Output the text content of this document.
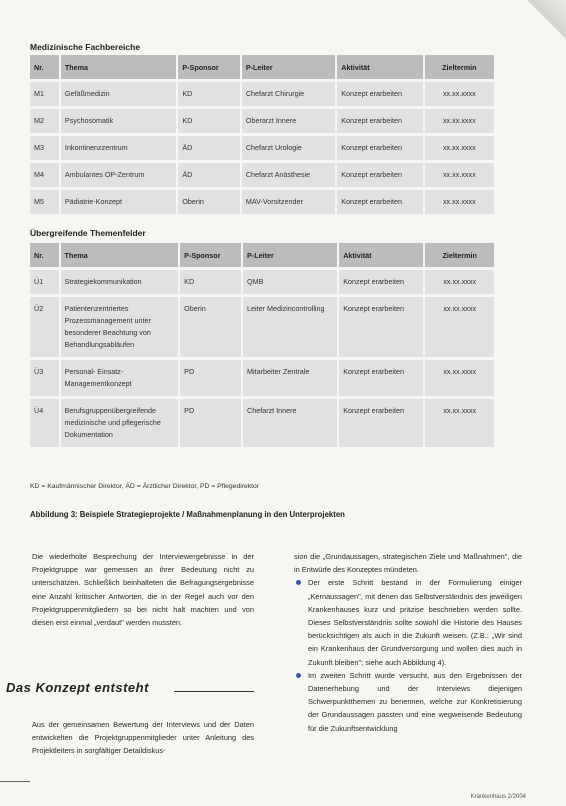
Medizinische Fachbereiche
Nr.	Thema	P-Sponsor	P-Leiter	Aktivität	Zieltermin
M1	Gefäßmedizin	KD	Chefarzt Chirurgie	Konzept erarbeiten	xx.xx.xxxx
M2	Psychosomatik	KD	Oberarzt Innere	Konzept erarbeiten	xx.xx.xxxx
M3	Inkontinenzzentrum	ÄD	Chefarzt Urologie	Konzept erarbeiten	xx.xx.xxxx
M4	Ambulantes OP-Zentrum	ÄD	Chefarzt Anästhesie	Konzept erarbeiten	xx.xx.xxxx
M5	Pädiatrie-Konzept	Oberin	MAV-Vorsitzender	Konzept erarbeiten	xx.xx.xxxx
Übergreifende Themenfelder
Nr.	Thema	P-Sponsor	P-Leiter	Aktivität	Zieltermin
Ü1	Strategiekommunikation	KD	QMB	Konzept erarbeiten	xx.xx.xxxx
Ü2	Patientenzentriertes Prozessmanagement unter besonderer Beachtung von Behandlungsabläufen	Oberin	Leiter Medizincontrolling	Konzept erarbeiten	xx.xx.xxxx
Ü3	Personal- Einsatz-Managementkonzept	PD	Mitarbeiter Zentrale	Konzept erarbeiten	xx.xx.xxxx
Ü4	Berufsgruppenübergreifende medizinische und pflegerische Dokumentation	PD	Chefarzt Innere	Konzept erarbeiten	xx.xx.xxxx
KD = Kaufmännischer Direktor, ÄD = Ärztlicher Direktor, PD = Pflegedirektor
Abbildung 3: Beispiele Strategieprojekte / Maßnahmenplanung in den Unterprojekten
Die wiederholte Besprechung der Interviewergebnisse in der Projektgruppe war gemessen an ihrer Bedeutung nicht zu unterschätzen. Schließlich beinhalteten die Befragungsergebnisse eine Anzahl kritischer Antworten, die in der Regel auch vor den Projektgruppenmitgliedern so bei nicht halt machten und von diesen erst einmal „verdaut" werden mussten.
Das Konzept entsteht
Aus der gemeinsamen Bewertung der Interviews und der Daten entwickelten die Projektgruppenmitglieder unter Anleitung des Projektleiters in sorgfältiger Detaildiskus-
sion die „Grundaussagen, strategischen Ziele und Maßnahmen", die in Entwürfe des Konzeptes mündeten.
Der erste Schritt bestand in der Formulierung einiger „Kernaussagen", mit denen das Selbstverständnis des jeweiligen Krankenhauses kurz und präzise beschrieben werden sollte. Dieses Selbstverständnis sollte sowohl die Historie des Hauses berücksichtigen als auch in die Zukunft weisen. (Z.B.: „Wir sind ein Krankenhaus der Grundversorgung und wollen dies auch in Zukunft bleiben"; siehe auch Abbildung 4).
Im zweiten Schritt wurde versucht, aus den Ergebnissen der Datenerhebung und der Interviews diejenigen Schwerpunktthemen zu benennen, welche zur Konkretisierung der Grundaussagen passten und eine wegweisende Bedeutung für die Zukunftsentwicklung
Krankenhaus 2/2004
